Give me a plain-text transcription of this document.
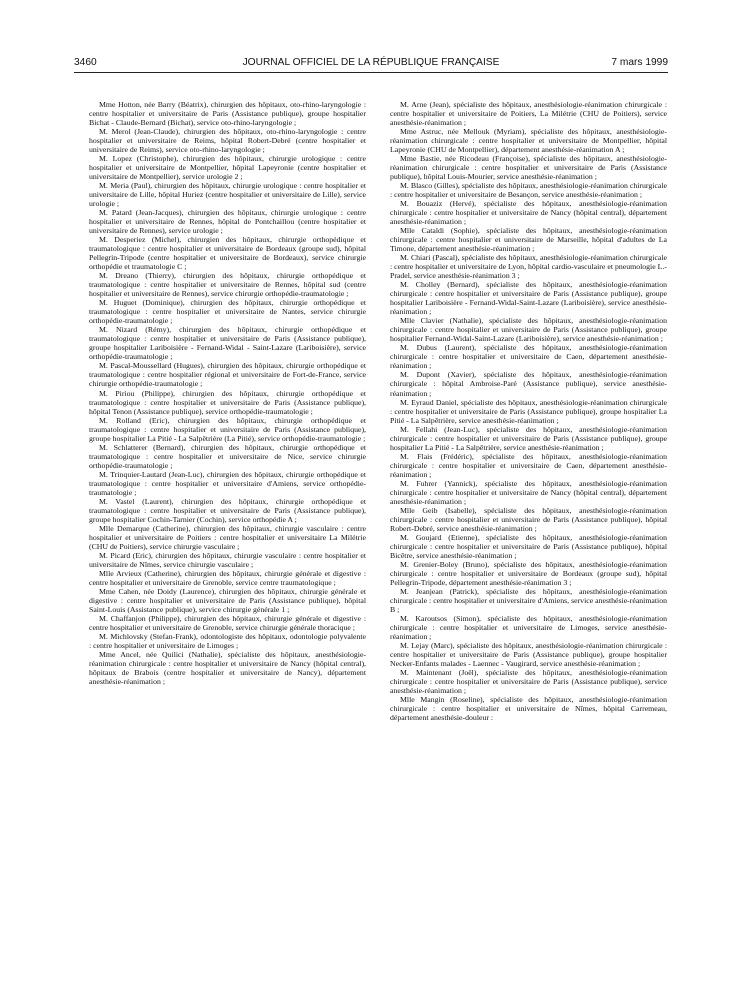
3460	JOURNAL OFFICIEL DE LA RÉPUBLIQUE FRANÇAISE	7 mars 1999

Mme Hotton, née Barry (Béatrix), chirurgien des hôpitaux, oto-rhino-laryngologie : centre hospitalier et universitaire de Paris (Assistance publique), groupe hospitalier Bichat - Claude-Bernard (Bichat), service oto-rhino-laryngologie ;

M. Merol (Jean-Claude), chirurgien des hôpitaux, oto-rhino-laryngologie : centre hospitalier et universitaire de Reims, hôpital Robert-Debré (centre hospitalier et universitaire de Reims), service oto-rhino-laryngologie ;

M. Lopez (Christophe), chirurgien des hôpitaux, chirurgie urologique : centre hospitalier et universitaire de Montpellier, hôpital Lapeyronie (centre hospitalier et universitaire de Montpellier), service urologie 2 ;

M. Meria (Paul), chirurgien des hôpitaux, chirurgie urologique : centre hospitalier et universitaire de Lille, hôpital Huriez (centre hospitalier et universitaire de Lille), service urologie ;

M. Patard (Jean-Jacques), chirurgien des hôpitaux, chirurgie urologique : centre hospitalier et universitaire de Rennes, hôpital de Pontchaillou (centre hospitalier et universitaire de Rennes), service urologie ;

M. Desperiez (Michel), chirurgien des hôpitaux, chirurgie orthopédique et traumatologique : centre hospitalier et universitaire de Bordeaux (groupe sud), hôpital Pellegrin-Tripode (centre hospitalier et universitaire de Bordeaux), service chirurgie orthopédie et traumatologie C ;

M. Dreano (Thierry), chirurgien des hôpitaux, chirurgie orthopédique et traumatologique : centre hospitalier et universitaire de Rennes, hôpital sud (centre hospitalier et universitaire de Rennes), service chirurgie orthopédie-traumatologie ;

M. Huguet (Dominique), chirurgien des hôpitaux, chirurgie orthopédique et traumatologique : centre hospitalier et universitaire de Nantes, service chirurgie orthopédie-traumatologie ;

M. Nizard (Rémy), chirurgien des hôpitaux, chirurgie orthopédique et traumatologique : centre hospitalier et universitaire de Paris (Assistance publique), groupe hospitalier Lariboisière - Fernand-Widal - Saint-Lazare (Lariboisière), service orthopédie-traumatologie ;

M. Pascal-Moussellard (Hugues), chirurgien des hôpitaux, chirurgie orthopédique et traumatologique : centre hospitalier régional et universitaire de Fort-de-France, service chirurgie orthopédie-traumatologie ;

M. Piriou (Philippe), chirurgien des hôpitaux, chirurgie orthopédique et traumatologique : centre hospitalier et universitaire de Paris (Assistance publique), hôpital Tenon (Assistance publique), service orthopédie-traumatologie ;

M. Rolland (Eric), chirurgien des hôpitaux, chirurgie orthopédique et traumatologique : centre hospitalier et universitaire de Paris (Assistance publique), groupe hospitalier La Pitié - La Salpêtrière (La Pitié), service orthopédie-traumatologie ;

M. Schlatterer (Bernard), chirurgien des hôpitaux, chirurgie orthopédique et traumatologique : centre hospitalier et universitaire de Nice, service chirurgie orthopédie-traumatologie ;

M. Trinquier-Lautard (Jean-Luc), chirurgien des hôpitaux, chirurgie orthopédique et traumatologique : centre hospitalier et universitaire d'Amiens, service orthopédie-traumatologie ;

M. Vastel (Laurent), chirurgien des hôpitaux, chirurgie orthopédique et traumatologique : centre hospitalier et universitaire de Paris (Assistance publique), groupe hospitalier Cochin-Tarnier (Cochin), service orthopédie A ;

Mlle Demarque (Catherine), chirurgien des hôpitaux, chirurgie vasculaire : centre hospitalier et universitaire de Poitiers : centre hospitalier et universitaire La Milétrie (CHU de Poitiers), service chirurgie vasculaire ;

M. Picard (Eric), chirurgien des hôpitaux, chirurgie vasculaire : centre hospitalier et universitaire de Nîmes, service chirurgie vasculaire ;

Mlle Arvieux (Catherine), chirurgien des hôpitaux, chirurgie générale et digestive : centre hospitalier et universitaire de Grenoble, service centre traumatologique ;

Mme Cahen, née Doidy (Laurence), chirurgien des hôpitaux, chirurgie générale et digestive : centre hospitalier et universitaire de Paris (Assistance publique), hôpital Saint-Louis (Assistance publique), service chirurgie générale 1 ;

M. Chaffanjon (Philippe), chirurgien des hôpitaux, chirurgie générale et digestive : centre hospitalier et universitaire de Grenoble, service chirurgie générale thoracique ;

M. Michlovsky (Stefan-Frank), odontologiste des hôpitaux, odontologie polyvalente : centre hospitalier et universitaire de Limoges ;

Mme Ancel, née Quilici (Nathalie), spécialiste des hôpitaux, anesthésiologie-réanimation chirurgicale : centre hospitalier et universitaire de Nancy (hôpital central), hôpitaux de Brabois (centre hospitalier et universitaire de Nancy), département anesthésie-réanimation ;

M. Arne (Jean), spécialiste des hôpitaux, anesthésiologie-réanimation chirurgicale : centre hospitalier et universitaire de Poitiers, La Milétrie (CHU de Poitiers), service anesthésie-réanimation ;

Mme Astruc, née Mellouk (Myriam), spécialiste des hôpitaux, anesthésiologie-réanimation chirurgicale : centre hospitalier et universitaire de Montpellier, hôpital Lapeyronie (CHU de Montpellier), département anesthésie-réanimation A ;

Mme Bastie, née Ricodeau (Françoise), spécialiste des hôpitaux, anesthésiologie-réanimation chirurgicale : centre hospitalier et universitaire de Paris (Assistance publique), hôpital Louis-Mourier, service anesthésie-réanimation ;

M. Blasco (Gilles), spécialiste des hôpitaux, anesthésiologie-réanimation chirurgicale : centre hospitalier et universitaire de Besançon, service anesthésie-réanimation ;

M. Bouaziz (Hervé), spécialiste des hôpitaux, anesthésiologie-réanimation chirurgicale : centre hospitalier et universitaire de Nancy (hôpital central), département anesthésie-réanimation ;

Mlle Cataldi (Sophie), spécialiste des hôpitaux, anesthésiologie-réanimation chirurgicale : centre hospitalier et universitaire de Marseille, hôpital d'adultes de La Timone, département anesthésie-réanimation ;

M. Chiari (Pascal), spécialiste des hôpitaux, anesthésiologie-réanimation chirurgicale : centre hospitalier et universitaire de Lyon, hôpital cardio-vasculaire et pneumologie L.-Pradel, service anesthésie-réanimation 3 ;

M. Cholley (Bernard), spécialiste des hôpitaux, anesthésiologie-réanimation chirurgicale : centre hospitalier et universitaire de Paris (Assistance publique), groupe hospitalier Lariboisière - Fernand-Widal-Saint-Lazare (Lariboisière), service anesthésie-réanimation ;

Mlle Clavier (Nathalie), spécialiste des hôpitaux, anesthésiologie-réanimation chirurgicale : centre hospitalier et universitaire de Paris (Assistance publique), groupe hospitalier Fernand-Widal-Saint-Lazare (Lariboisière), service anesthésie-réanimation ;

M. Dubus (Laurent), spécialiste des hôpitaux, anesthésiologie-réanimation chirurgicale : centre hospitalier et universitaire de Caen, département anesthésie-réanimation ;

M. Dupont (Xavier), spécialiste des hôpitaux, anesthésiologie-réanimation chirurgicale : hôpital Ambroise-Paré (Assistance publique), service anesthésie-réanimation ;

M. Eyraud Daniel, spécialiste des hôpitaux, anesthésiologie-réanimation chirurgicale : centre hospitalier et universitaire de Paris (Assistance publique), groupe hospitalier La Pitié - La Salpêtrière, service anesthésie-réanimation ;

M. Fellahi (Jean-Luc), spécialiste des hôpitaux, anesthésiologie-réanimation chirurgicale : centre hospitalier et universitaire de Paris (Assistance publique), groupe hospitalier La Pitié - La Salpêtrière, service anesthésie-réanimation ;

M. Flais (Frédéric), spécialiste des hôpitaux, anesthésiologie-réanimation chirurgicale : centre hospitalier et universitaire de Caen, département anesthésie-réanimation ;

M. Fuhrer (Yannick), spécialiste des hôpitaux, anesthésiologie-réanimation chirurgicale : centre hospitalier et universitaire de Nancy (hôpital central), département anesthésie-réanimation ;

Mlle Geib (Isabelle), spécialiste des hôpitaux, anesthésiologie-réanimation chirurgicale : centre hospitalier et universitaire de Paris (Assistance publique), hôpital Robert-Debré, service anesthésie-réanimation ;

M. Goujard (Etienne), spécialiste des hôpitaux, anesthésiologie-réanimation chirurgicale : centre hospitalier et universitaire de Paris (Assistance publique), hôpital Bicêtre, service anesthésie-réanimation ;

M. Grenier-Boley (Bruno), spécialiste des hôpitaux, anesthésiologie-réanimation chirurgicale : centre hospitalier et universitaire de Bordeaux (groupe sud), hôpital Pellegrin-Tripode, département anesthésie-réanimation 3 ;

M. Jeanjean (Patrick), spécialiste des hôpitaux, anesthésiologie-réanimation chirurgicale : centre hospitalier et universitaire d'Amiens, service anesthésie-réanimation B ;

M. Karoutsos (Simon), spécialiste des hôpitaux, anesthésiologie-réanimation chirurgicale : centre hospitalier et universitaire de Limoges, service anesthésie-réanimation ;

M. Lejay (Marc), spécialiste des hôpitaux, anesthésiologie-réanimation chirurgicale : centre hospitalier et universitaire de Paris (Assistance publique), groupe hospitalier Necker-Enfants malades - Laennec - Vaugirard, service anesthésie-réanimation ;

M. Maintenant (Joël), spécialiste des hôpitaux, anesthésiologie-réanimation chirurgicale : centre hospitalier et universitaire de Paris (Assistance publique), service anesthésie-réanimation ;

Mlle Mangin (Roseline), spécialiste des hôpitaux, anesthésiologie-réanimation chirurgicale : centre hospitalier et universitaire de Nîmes, hôpital Carremeau, département anesthésie-douleur :
